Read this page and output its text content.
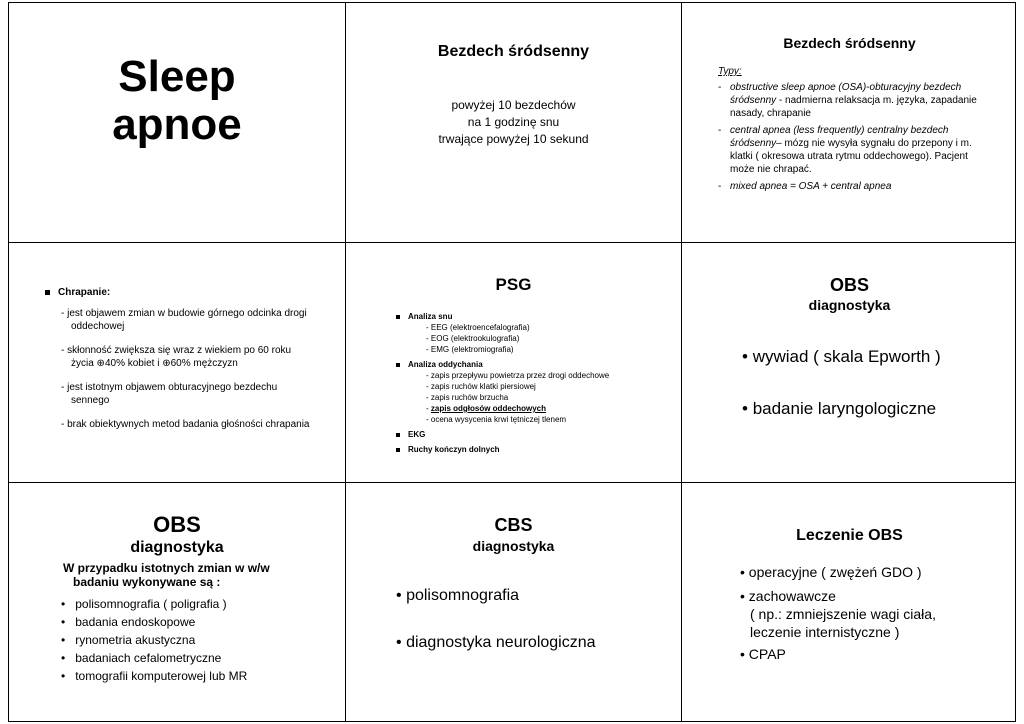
Sleep
apnoe
Bezdech śródsenny
powyżej 10 bezdechów
na 1 godzinę snu
trwające powyżej 10 sekund
Bezdech śródsenny
Typy:
- obstructive sleep apnoe (OSA)-obturacyjny bezdech śródsenny - nadmierna relaksacja m. języka, zapadanie nasady, chrapanie
- central apnea (less frequently) centralny bezdech śródsenny– mózg nie wysyła sygnału do przepony i m. klatki ( okresowa utrata rytmu oddechowego). Pacjent może nie chrapać.
- mixed apnea = OSA + central apnea
Chrapanie:
- jest objawem zmian w budowie górnego odcinka drogi oddechowej
- skłonność zwiększa się wraz z wiekiem po 60 roku życia ⊕40% kobiet i ⊕60% mężczyzn
- jest istotnym objawem obturacyjnego bezdechu sennego
- brak obiektywnych metod badania głośności chrapania
PSG
Analiza snu
- EEG (elektroencefalografia)
- EOG (elektrookulografia)
- EMG (elektromiografia)
Analiza oddychania
- zapis przepływu powietrza przez drogi oddechowe
- zapis ruchów klatki piersiowej
- zapis ruchów brzucha
- zapis odgłosów oddechowych
- ocena wysycenia krwi tętniczej tlenem
EKG
Ruchy kończyn dolnych
OBS
diagnostyka
• wywiad ( skala Epworth )
• badanie laryngologiczne
OBS
diagnostyka
W przypadku istotnych zmian w w/w badaniu wykonywane są :
• polisomnografia ( poligrafia )
• badania endoskopowe
• rynometria akustyczna
• badaniach cefalometryczne
• tomografii komputerowej lub MR
CBS
diagnostyka
• polisomnografia
• diagnostyka neurologiczna
Leczenie OBS
• operacyjne ( zwężeń GDO )
• zachowawcze
( np.: zmniejszenie wagi ciała, leczenie internistyczne )
• CPAP
